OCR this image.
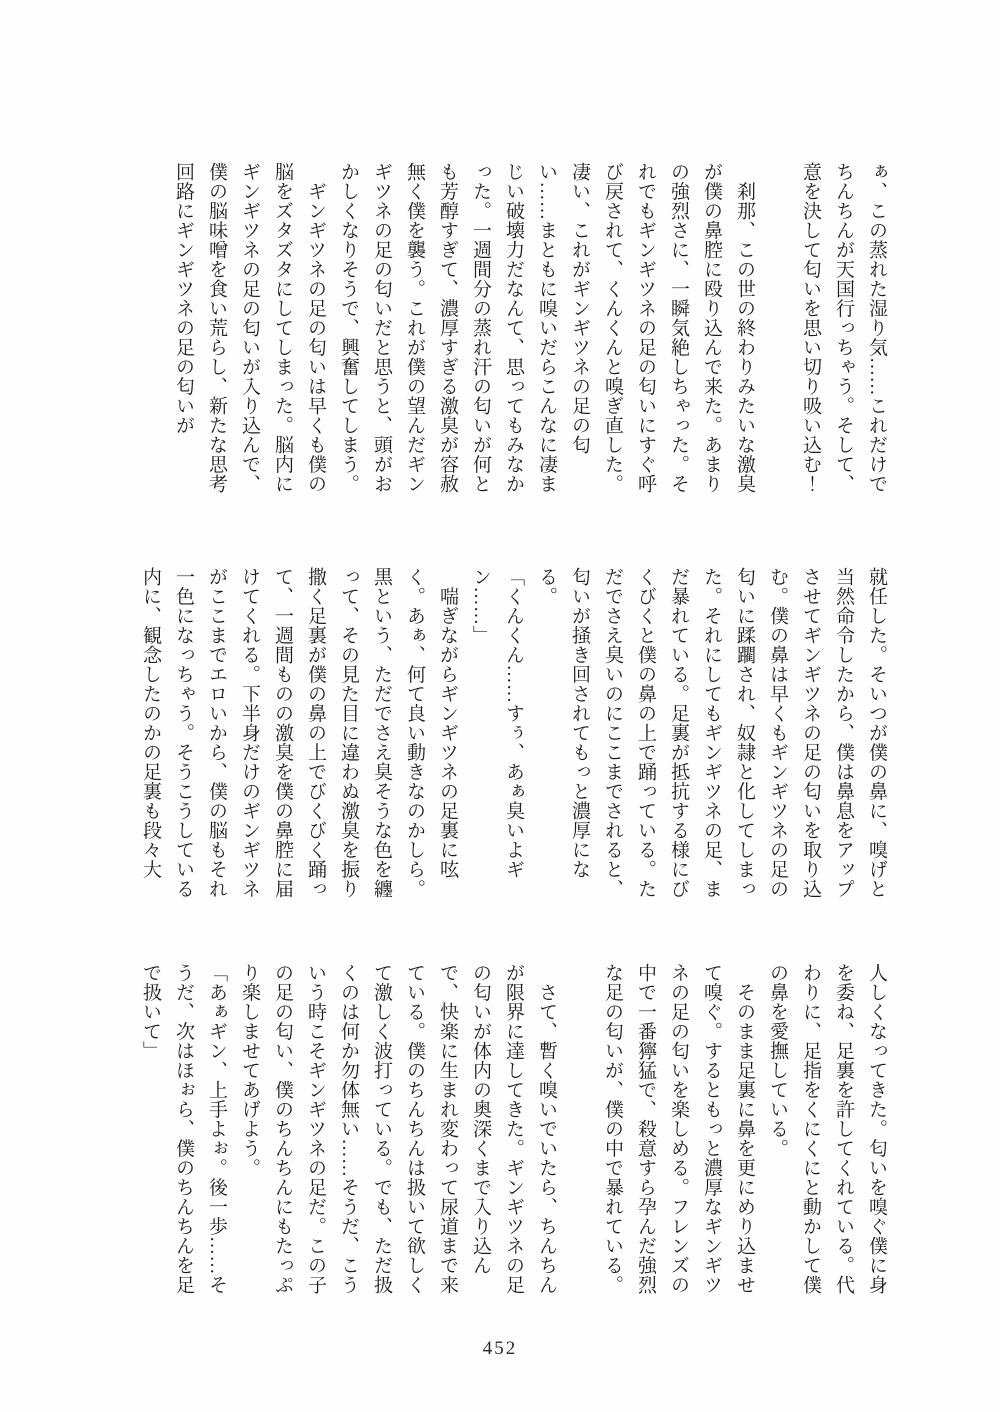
ぁ、この蒸れた湿り気……これだけでちんちんが天国行っちゃう。そして、意を決して匂いを思い切り吸い込む！

　刹那、この世の終わりみたいな激臭が僕の鼻腔に殴り込んで来た。あまりの強烈さに、一瞬気絶しちゃった。それでもギンギツネの足の匂いにすぐ呼び戻されて、くんくんと嗅ぎ直した。凄い、これがギンギツネの足の匂い……まともに嗅いだらこんなに凄まじい破壊力だなんて、思ってもみなかった。一週間分の蒸れ汗の匂いが何とも芳醇すぎて、濃厚すぎる激臭が容赦無く僕を襲う。これが僕の望んだギンギツネの足の匂いだと思うと、頭がおかしくなりそうで、興奮してしまう。

　ギンギツネの足の匂いは早くも僕の脳をズタズタにしてしまった。脳内にギンギツネの足の匂いが入り込んで、僕の脳味噌を食い荒らし、新たな思考回路にギンギツネの足の匂いが

就任した。そいつが僕の鼻に、嗅げと当然命令したから、僕は鼻息をアップさせてギンギツネの足の匂いを取り込む。僕の鼻は早くもギンギツネの足の匂いに蹂躙され、奴隷と化してしまった。それにしてもギンギツネの足、まだ暴れている。足裏が抵抗する様にびくびくと僕の鼻の上で踊っている。ただでさえ臭いのにここまでされると、匂いが掻き回されてもっと濃厚になる。

「くんくん……すぅ、あぁ臭いよギン……」

　喘ぎながらギンギツネの足裏に呟く。あぁ、何て良い動きなのかしら。黒という、ただでさえ臭そうな色を纏って、その見た目に違わぬ激臭を振り撒く足裏が僕の鼻の上でびくびく踊って、一週間ものの激臭を僕の鼻腔に届けてくれる。下半身だけのギンギツネがここまでエロいから、僕の脳もそれ一色になっちゃう。そうこうしている内に、観念したのかの足裏も段々大

人しくなってきた。匂いを嗅ぐ僕に身を委ね、足裏を許してくれている。代わりに、足指をくにくにと動かして僕の鼻を愛撫している。

　そのまま足裏に鼻を更にめり込ませて嗅ぐ。するともっと濃厚なギンギツネの足の匂いを楽しめる。フレンズの中で一番獰猛で、殺意すら孕んだ強烈な足の匂いが、僕の中で暴れている。

　さて、暫く嗅いでいたら、ちんちんが限界に達してきた。ギンギツネの足の匂いが体内の奥深くまで入り込んで、快楽に生まれ変わって尿道まで来ている。僕のちんちんは扱いて欲しくて激しく波打っている。でも、ただ扱くのは何か勿体無い……そうだ、こういう時こそギンギツネの足だ。この子の足の匂い、僕のちんちんにもたっぷり楽しませてあげよう。

「あぁギン、上手よぉ。後一歩……そうだ、次はほぉら、僕のちんちんを足で扱いて」

452
